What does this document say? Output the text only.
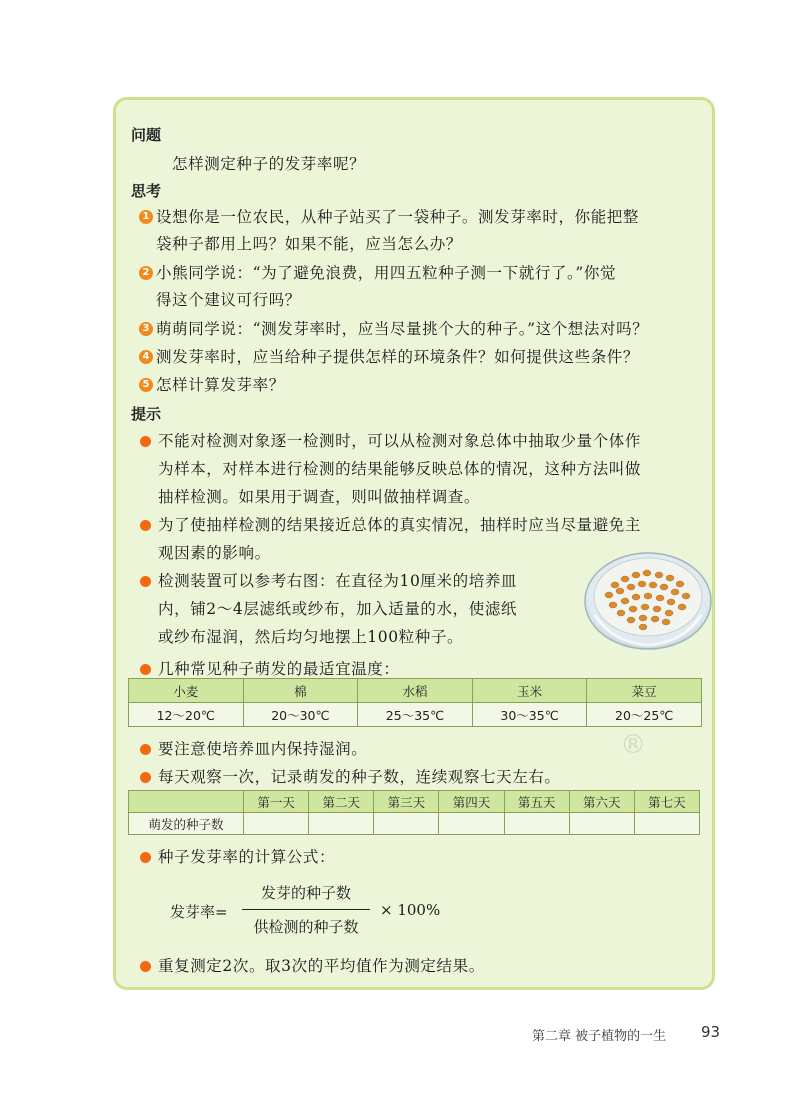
问题
怎样测定种子的发芽率呢？
思考
1 设想你是一位农民，从种子站买了一袋种子。测发芽率时，你能把整
袋种子都用上吗？如果不能，应当怎么办？
2 小熊同学说：“为了避免浪费，用四五粒种子测一下就行了。”你觉
得这个建议可行吗？
3 萌萌同学说：“测发芽率时，应当尽量挑个大的种子。”这个想法对吗？
4 测发芽率时，应当给种子提供怎样的环境条件？如何提供这些条件？
5 怎样计算发芽率？
提示
不能对检测对象逐一检测时，可以从检测对象总体中抽取少量个体作
为样本，对样本进行检测的结果能够反映总体的情况，这种方法叫做
抽样检测。如果用于调查，则叫做抽样调查。
为了使抽样检测的结果接近总体的真实情况，抽样时应当尽量避免主
观因素的影响。
检测装置可以参考右图：在直径为10厘米的培养皿
内，铺2～4层滤纸或纱布，加入适量的水，使滤纸
或纱布湿润，然后均匀地摆上100粒种子。
几种常见种子萌发的最适宜温度：
小麦	棉	水稻	玉米	菜豆
12～20℃	20～30℃	25～35℃	30～35℃	20～25℃
要注意使培养皿内保持湿润。	®
每天观察一次，记录萌发的种子数，连续观察七天左右。
	第一天	第二天	第三天	第四天	第五天	第六天	第七天
萌发的种子数							
种子发芽率的计算公式：
发芽率=
发芽的种子数
供检测的种子数
× 100%
重复测定2次。取3次的平均值作为测定结果。
第二章 被子植物的一生 93
